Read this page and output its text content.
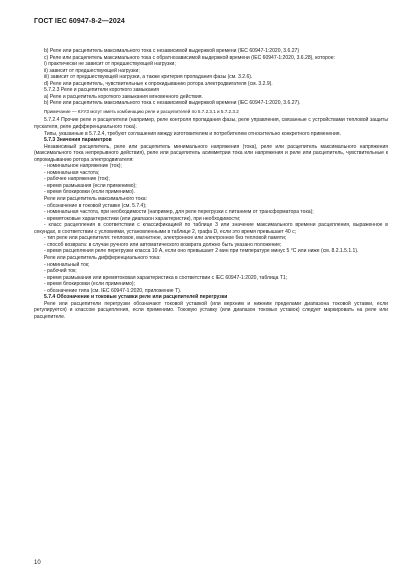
ГОСТ IEC 60947-8-2—2024

b) Реле или расцепитель максимального тока с независимой выдержкой времени (IEC 60947-1:2020, 3.6.27)

c) Реле или расцепитель максимального тока с обратнозависимой выдержкой времени (IEC 60947-1:2020, 3.6.28), которое:

i) практически не зависит от предшествующей нагрузки;

ii) зависит от предшествующей нагрузки;

iii) зависит от предшествующей нагрузки, а также критерия пропадания фазы (см. 3.2.6).

d) Реле или расцепитель, чувствительные к опрокидыванию ротора электродвигателя (см. 3.2.9).

5.7.2.3 Реле и расцепители короткого замыкания

a) Реле и расцепитель короткого замыкания мгновенного действия.

b) Реле или расцепитель максимального тока с независимой выдержкой времени (IEC 60947-1:2020, 3.6.27).

Примечание — КУУЗ могут иметь комбинацию реле и расцепителей по 5.7.2.3.1 и 5.7.2.3.2

5.7.2.4 Прочие реле и расцепители (например, реле контроля пропадания фазы, реле управления, связанные с устройствами тепловой защиты пускателя, реле дифференциального тока).

Типы, указанные в 5.7.2.4, требуют соглашения между изготовителем и потребителем относительно конкретного применения.

5.7.3 Значения параметров

Независимый расцепитель, реле или расцепитель минимального напряжения (тока), реле или расцепитель максимального напряжения (максимального тока непрерывного действия), реле или расцепитель асимметрии тока или напряжения и реле или расцепитель, чувствительные к опрокидыванию ротора электродвигателя:

- номинальное напряжение (ток);

- номинальная частота;

- рабочее напряжение (ток);

- время размыкания (если применимо);

- время блокировки (если применимо).

Реле или расцепитель максимального тока:

- обозначение в токовой уставке (см. 5.7.4);

- номинальная частота, при необходимости (например, для реле перегрузки с питанием от трансформатора тока);

- времятоковые характеристики (или диапазон характеристик), при необходимости;

- класс расцепления в соответствии с классификацией по таблице 3 или значение максимального времени расцепления, выраженное в секундах, в соответствии с условиями, установленными в таблице 2, графа D, если это время превышает 40 с;

- тип реле или расцепителя: тепловое, магнитное, электронное или электронное без тепловой памяти;

- способ возврата: в случае ручного или автоматического возврата должно быть указано положение;

- время расцепления реле перегрузки класса 10 А, если оно превышает 2 мин при температуре минус 5 °С или ниже (см. 8.2.1.5.1.1).

Реле или расцепитель дифференциального тока:

- номинальный ток;

- рабочий ток;

- время размыкания или времятоковая характеристика в соответствии с IEC 60947-1:2020, таблица Т1;

- время блокировки (если применимо);

- обозначение типа (см. IEC 60947-1:2020, приложение Т).

5.7.4 Обозначение и токовые уставки реле или расцепителей перегрузки

Реле или расцепители перегрузки обозначают токовой уставкой (или верхним и нижним пределами диапазона токовой уставки, если регулируется) и классом расцепления, если применимо. Токовую уставку (или диапазон токовых уставок) следует маркировать на реле или расцепителе.

10
